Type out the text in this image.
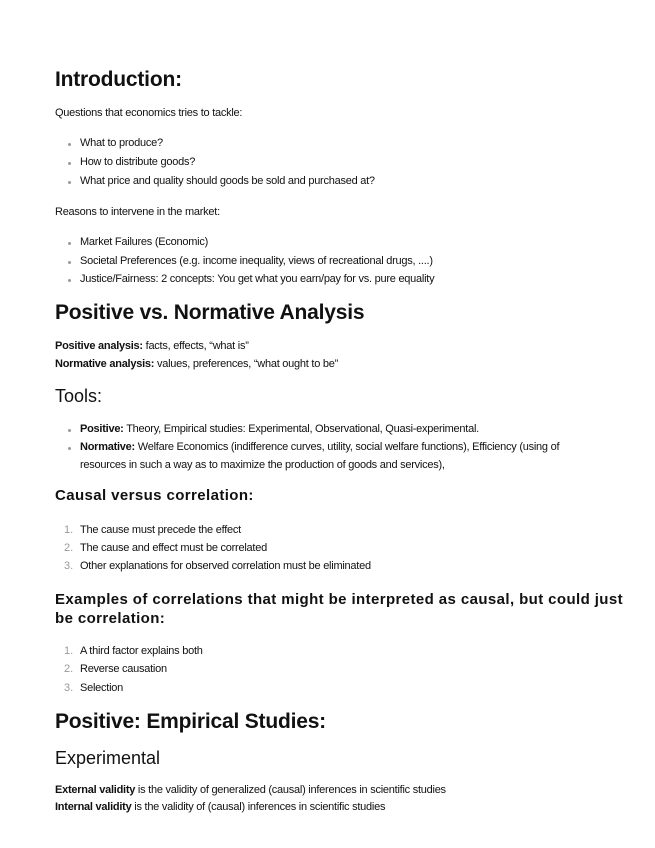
Introduction:

Questions that economics tries to tackle:

What to produce?

How to distribute goods?

What price and quality should goods be sold and purchased at?

Reasons to intervene in the market:

Market Failures (Economic)

Societal Preferences (e.g. income inequality, views of recreational drugs, ....)

Justice/Fairness: 2 concepts: You get what you earn/pay for vs. pure equality

Positive vs. Normative Analysis

Positive analysis: facts, effects, “what is”

Normative analysis: values, preferences, “what ought to be”

Tools:

Positive: Theory, Empirical studies: Experimental, Observational, Quasi-experimental.

Normative: Welfare Economics (indifference curves, utility, social welfare functions), Efficiency (using of

resources in such a way as to maximize the production of goods and services),

Causal versus correlation:

1. The cause must precede the effect

2. The cause and effect must be correlated

3. Other explanations for observed correlation must be eliminated

Examples of correlations that might be interpreted as causal, but could just
be correlation:

1. A third factor explains both

2. Reverse causation

3. Selection

Positive: Empirical Studies:
Experimental

External validity is the validity of generalized (causal) inferences in scientific studies

Internal validity is the validity of (causal) inferences in scientific studies
